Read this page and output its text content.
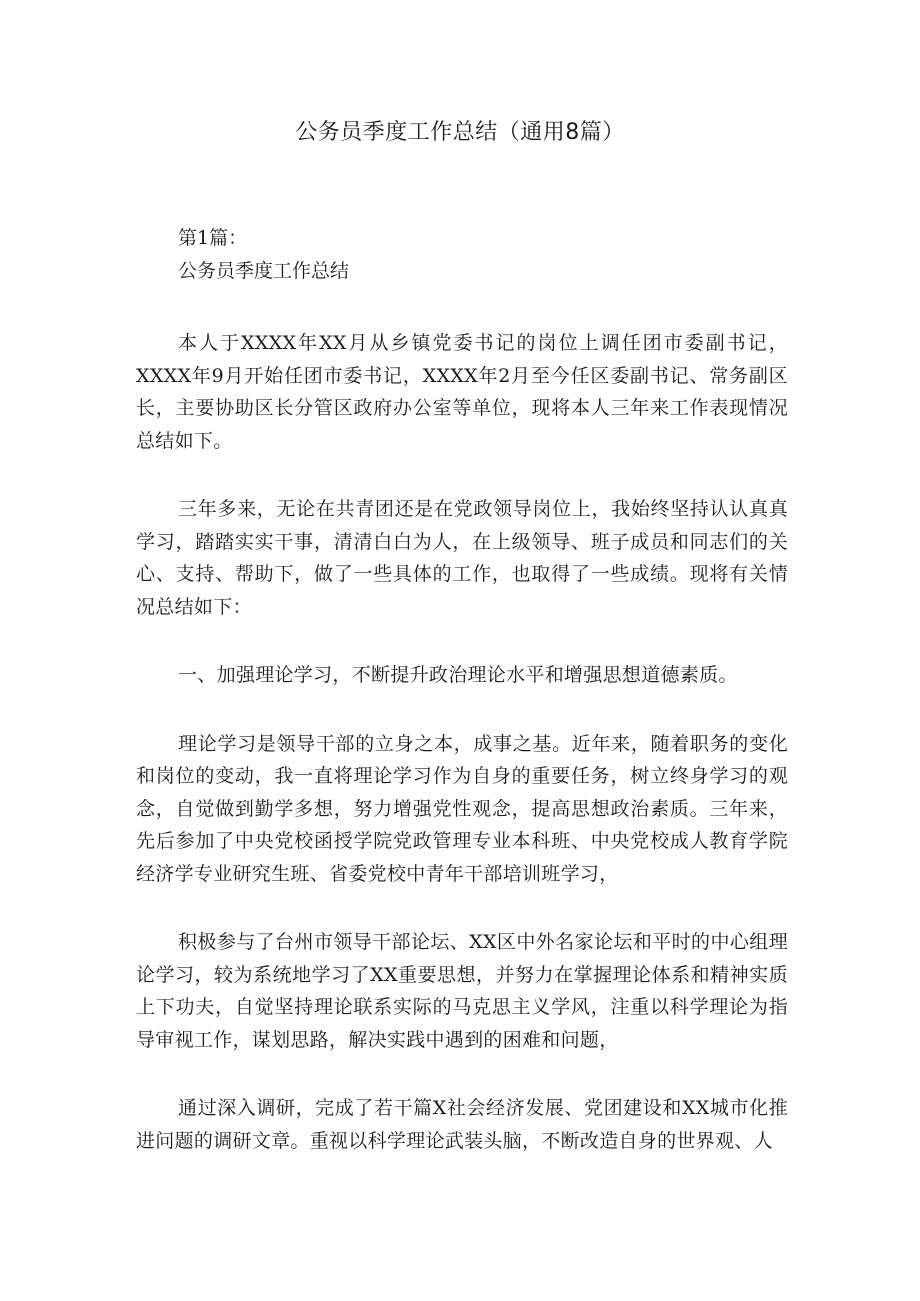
公务员季度工作总结（通用8篇）

第1篇：

公务员季度工作总结

本人于XXXX年XX月从乡镇党委书记的岗位上调任团市委副书记，XXXX年9月开始任团市委书记，XXXX年2月至今任区委副书记、常务副区长，主要协助区长分管区政府办公室等单位，现将本人三年来工作表现情况总结如下。

三年多来，无论在共青团还是在党政领导岗位上，我始终坚持认认真真学习，踏踏实实干事，清清白白为人，在上级领导、班子成员和同志们的关心、支持、帮助下，做了一些具体的工作，也取得了一些成绩。现将有关情况总结如下：

一、加强理论学习，不断提升政治理论水平和增强思想道德素质。

理论学习是领导干部的立身之本，成事之基。近年来，随着职务的变化和岗位的变动，我一直将理论学习作为自身的重要任务，树立终身学习的观念，自觉做到勤学多想，努力增强党性观念，提高思想政治素质。三年来，先后参加了中央党校函授学院党政管理专业本科班、中央党校成人教育学院经济学专业研究生班、省委党校中青年干部培训班学习，

积极参与了台州市领导干部论坛、XX区中外名家论坛和平时的中心组理论学习，较为系统地学习了XX重要思想，并努力在掌握理论体系和精神实质上下功夫，自觉坚持理论联系实际的马克思主义学风，注重以科学理论为指导审视工作，谋划思路，解决实践中遇到的困难和问题，

通过深入调研，完成了若干篇X社会经济发展、党团建设和XX城市化推进问题的调研文章。重视以科学理论武装头脑，不断改造自身的世界观、人
